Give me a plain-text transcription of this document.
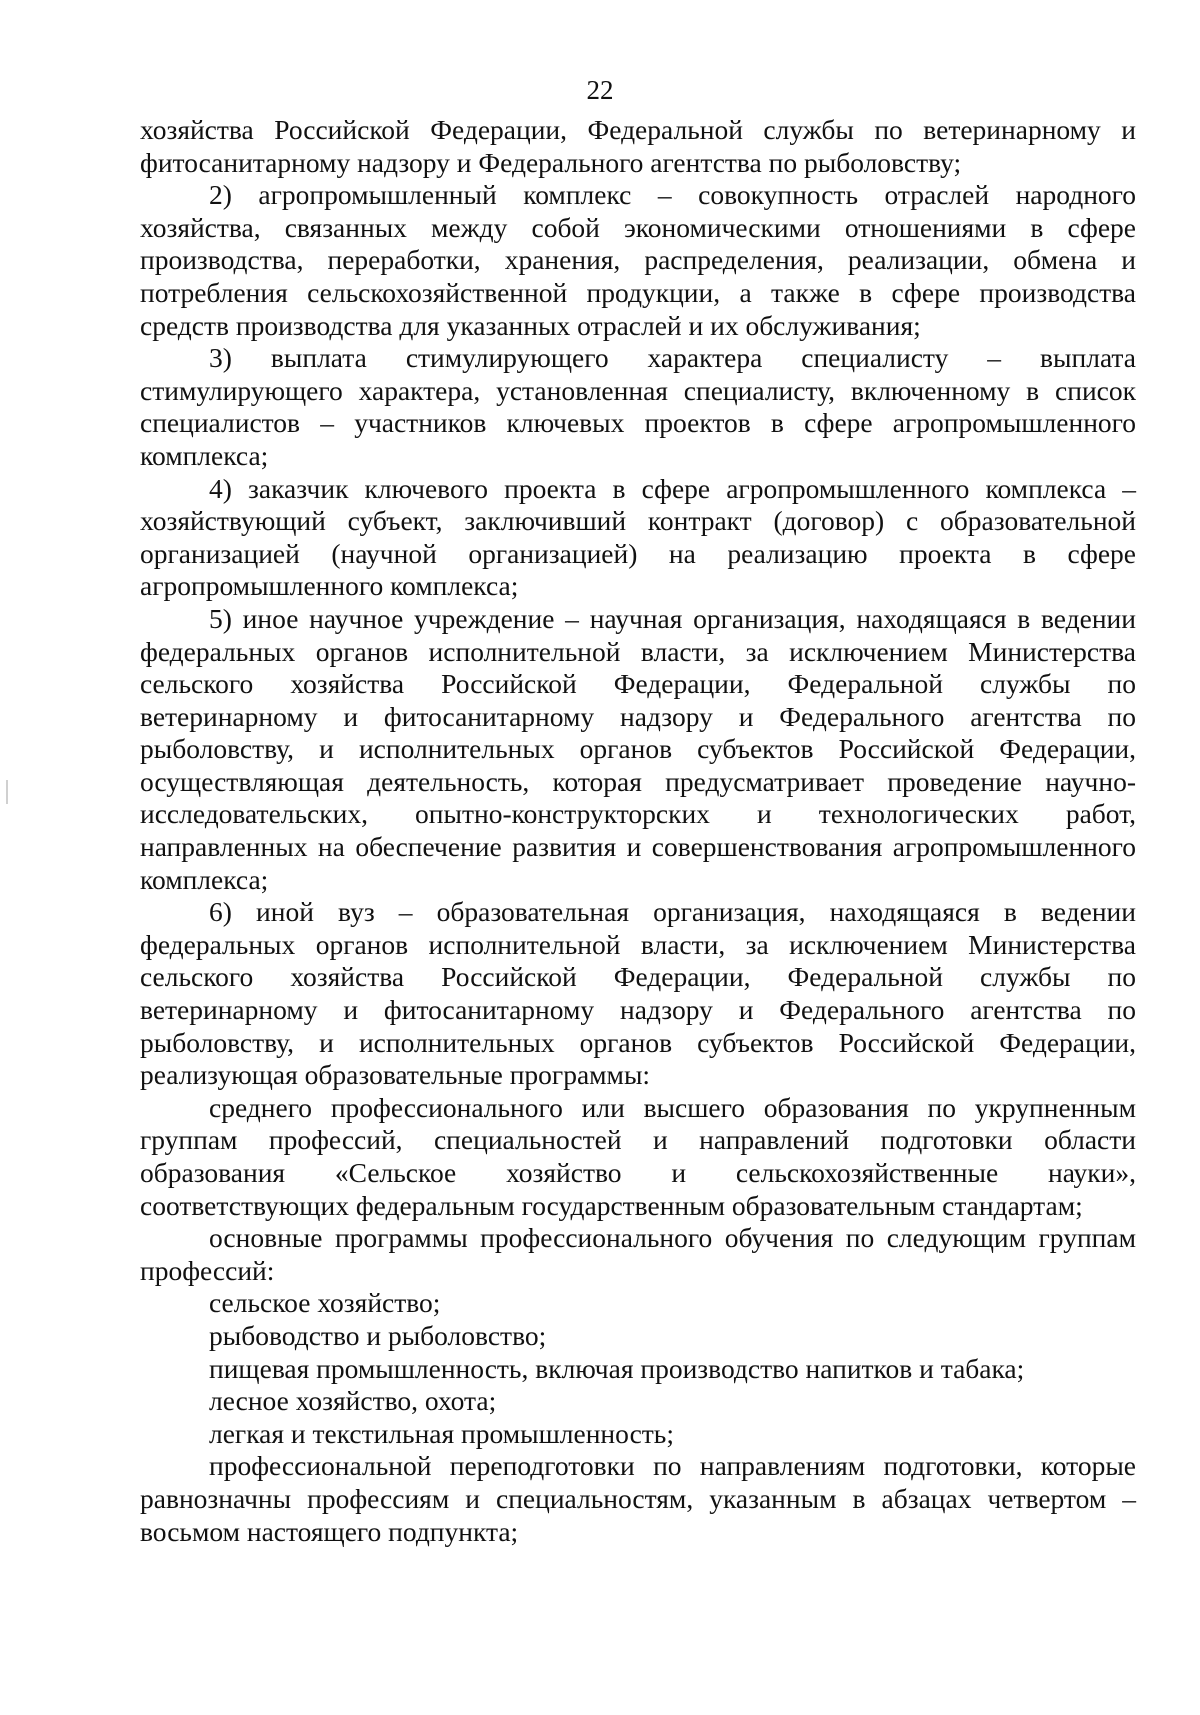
22

хозяйства Российской Федерации, Федеральной службы по ветеринарному и фитосанитарному надзору и Федерального агентства по рыболовству;

2) агропромышленный комплекс – совокупность отраслей народного хозяйства, связанных между собой экономическими отношениями в сфере производства, переработки, хранения, распределения, реализации, обмена и потребления сельскохозяйственной продукции, а также в сфере производства средств производства для указанных отраслей и их обслуживания;

3) выплата стимулирующего характера специалисту – выплата стимулирующего характера, установленная специалисту, включенному в список специалистов – участников ключевых проектов в сфере агропромышленного комплекса;

4) заказчик ключевого проекта в сфере агропромышленного комплекса – хозяйствующий субъект, заключивший контракт (договор) с образовательной организацией (научной организацией) на реализацию проекта в сфере агропромышленного комплекса;

5) иное научное учреждение – научная организация, находящаяся в ведении федеральных органов исполнительной власти, за исключением Министерства сельского хозяйства Российской Федерации, Федеральной службы по ветеринарному и фитосанитарному надзору и Федерального агентства по рыболовству, и исполнительных органов субъектов Российской Федерации, осуществляющая деятельность, которая предусматривает проведение научно-исследовательских, опытно-конструкторских и технологических работ, направленных на обеспечение развития и совершенствования агропромышленного комплекса;

6) иной вуз – образовательная организация, находящаяся в ведении федеральных органов исполнительной власти, за исключением Министерства сельского хозяйства Российской Федерации, Федеральной службы по ветеринарному и фитосанитарному надзору и Федерального агентства по рыболовству, и исполнительных органов субъектов Российской Федерации, реализующая образовательные программы:

среднего профессионального или высшего образования по укрупненным группам профессий, специальностей и направлений подготовки области образования «Сельское хозяйство и сельскохозяйственные науки», соответствующих федеральным государственным образовательным стандартам;

основные программы профессионального обучения по следующим группам профессий:

сельское хозяйство;

рыбоводство и рыболовство;

пищевая промышленность, включая производство напитков и табака;

лесное хозяйство, охота;

легкая и текстильная промышленность;

профессиональной переподготовки по направлениям подготовки, которые равнозначны профессиям и специальностям, указанным в абзацах четвертом – восьмом настоящего подпункта;
